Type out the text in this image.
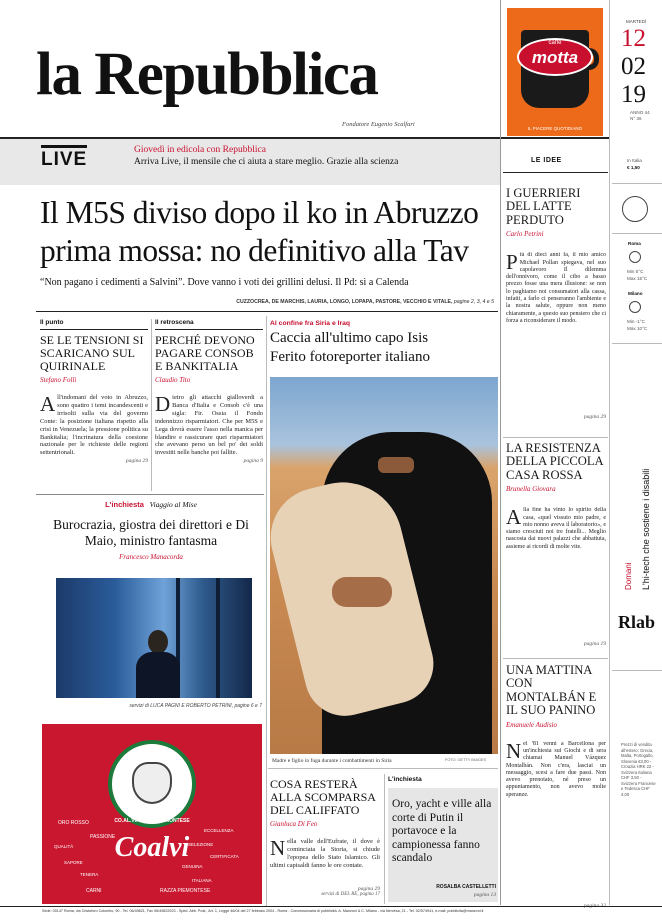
la Repubblica
Fondatore Eugenio Scalfari
caffè
motta
IL PIACERE QUOTIDIANO
MARTEDÌ
12
02
19
ANNO 44
N° 36
LIVE	Giovedì in edicola con Repubblica
Arriva Live, il mensile che ci aiuta a stare meglio. Grazie alla scienza	LE IDEE
I GUERRIERI DEL LATTE PERDUTO
Carlo Petrini
Più di dieci anni fa, il mio amico Michael Pollan spiegava, nel suo capolavoro Il dilemma dell'onnivoro, come il cibo a basso prezzo fosse una mera illusione: se non lo paghiamo noi consumatori alla cassa, infatti, a farlo ci penseranno l'ambiente e la nostra salute, oppure non meno chiaramente, a questo suo pensiero che ci forza a riconsiderare il modo.
pagina 29
LA RESISTENZA DELLA PICCOLA CASA ROSSA
Brunella Giovara
Alla fine ha vinto lo spirito della casa, «quel vissuto mio padre, e mio nonno aveva il laboratorio», e siamo cresciuti noi tre fratelli... Meglio nascosta dai nuovi palazzi che abbattuta, assieme ai ricordi di molte vite.
pagina 19
UNA MATTINA CON MONTALBÁN E IL SUO PANINO
Emanuele Audisio
Nel '81 venni a Barcellona per un'inchiesta sui Giochi e di sera chiamai Manuel Vázquez Montalbán. Non c'era, lasciai un messaggio, scesi a fare due passi. Non avevo prenotato, né preso un appuntamento, non avevo molte speranze.
In Italia
€ 1,50
Roma
Min 5°C
Max 15°C
Milano
Min -1°C
Max 10°C
L'hi-tech che sostiene i disabili
Domani
Rlab
Prezzi di vendita all'estero: Grecia, Malta, Portogallo, Slovenia €3,00 - Croazia HRK 22 - Svizzera Italiana CHF 3,50 - Svizzera Francese e Tedesca CHF 4,00
Il M5S diviso dopo il ko in Abruzzo
prima mossa: no definitivo alla Tav
“Non pagano i cedimenti a Salvini”. Dove vanno i voti dei grillini delusi. Il Pd: sì a Calenda
CUZZOCREA, DE MARCHIS, LAURIA, LONGO, LOPAPA, PASTORE, VECCHIO E VITALE, pagine 2, 3, 4 e 5
Il punto
SE LE TENSIONI SI SCARICANO SUL QUIRINALE
Stefano Folli
All'indomani del voto in Abruzzo, sono quattro i temi incandescenti e irrisolti sulla via del governo Conte: la posizione italiana rispetto alla crisi in Venezuela; la pressione politica su Bankitalia; l'incrinatura della coesione nazionale per le richieste delle regioni settentrionali.
pagina 29
Il retroscena
PERCHÉ DEVONO PAGARE CONSOB E BANKITALIA
Claudio Tito
Dietro gli attacchi gialloverdi a Banca d'Italia e Consob c'è una sigla: Fir. Ossia il Fondo indennizzo risparmiatori. Che per M5S e Lega dovrà essere l'asso nella manica per blandire e rassicurare quei risparmiatori che avevano perso un bel po' dei soldi investiti nelle banche poi fallite.
pagina 9
L'inchiesta Viaggio al Mise
Burocrazia, giostra dei direttori e Di Maio, ministro fantasma
Francesco Manacorda
servizi di LUCA PAGNI E ROBERTO PETRINI, pagine 6 e 7
Al confine fra Siria e Iraq
Caccia all'ultimo capo Isis
Ferito fotoreporter italiano
Madre e figlio in fuga durante i combattimenti in Siria	FOTO: GETTY IMAGES
COSA RESTERÀ ALLA SCOMPARSA DEL CALIFFATO
Gianluca Di Feo
Nella valle dell'Eufrate, il dove è cominciata la Storia, si chiude l'epopea dello Stato Islamico. Gli ultimi capisaldi fanno le ore contate.
pagina 29
servizi di DEL RE, pagina 17
L'inchiesta
Oro, yacht e ville alla corte di Putin il portavoce e la campionessa fanno scandalo
ROSALBA CASTELLETTI
pagina 13
CO.AL.VI. RAZZA PIEMONTESE
Coalvi
ORO ROSSO
PASSIONE
QUALITÀ
SAPORE
TENERA
CARNI
ECCELLENZA
CERTIFICATA
GENUINA
ITALIANA
RAZZA PIEMONTESE
SELEZIONE
Sede: 00147 Roma, via Cristoforo Colombo, 90 - Tel. 06/49821, Fax 06/49822923 - Sped. Abb. Post., Art. 1, Legge 46/04 del 27 febbraio 2004 - Roma - Concessionaria di pubblicità: A. Manzoni & C. Milano - via Nervesa, 21 - Tel. 02/574941, e-mail: pubblicita@manzoni.it
